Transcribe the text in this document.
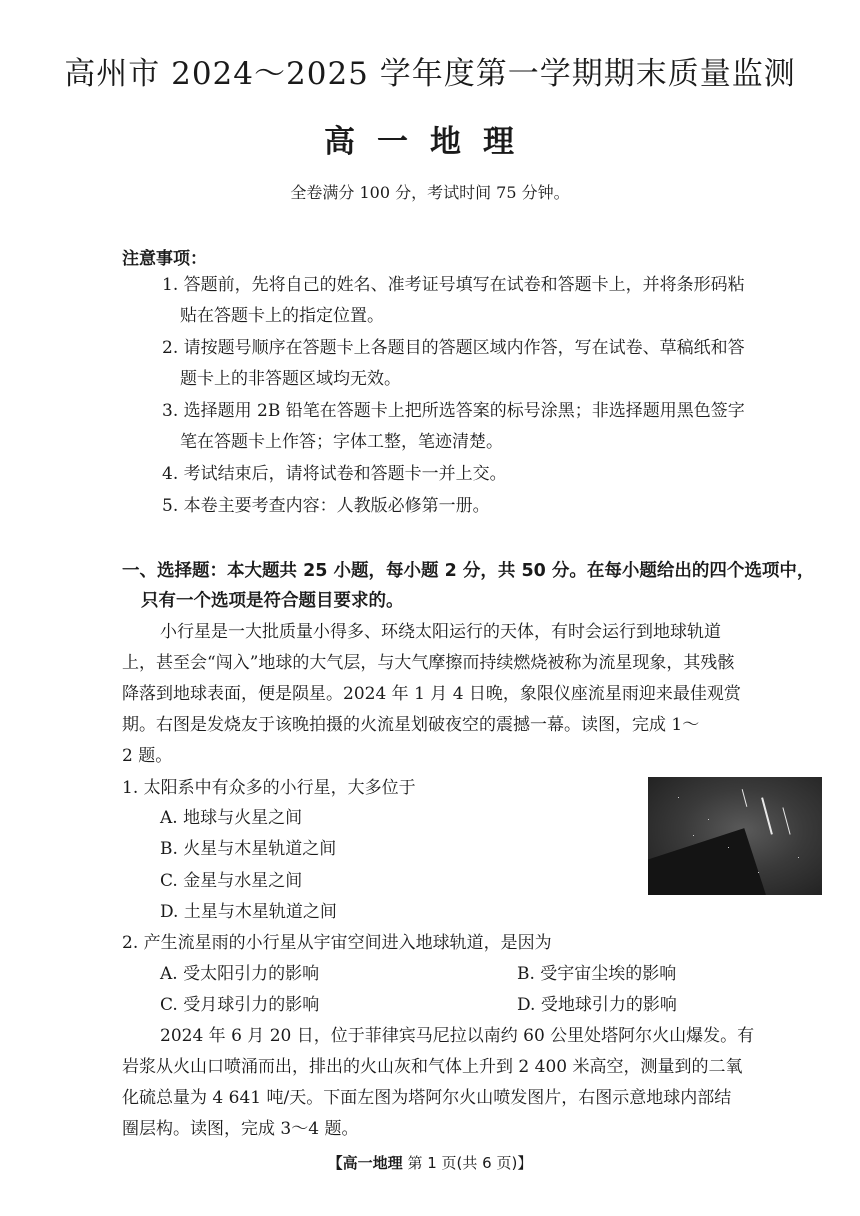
高州市 2024～2025 学年度第一学期期末质量监测
高一地理
全卷满分 100 分，考试时间 75 分钟。
注意事项：
1. 答题前，先将自己的姓名、准考证号填写在试卷和答题卡上，并将条形码粘
贴在答题卡上的指定位置。
2. 请按题号顺序在答题卡上各题目的答题区域内作答，写在试卷、草稿纸和答
题卡上的非答题区域均无效。
3. 选择题用 2B 铅笔在答题卡上把所选答案的标号涂黑；非选择题用黑色签字
笔在答题卡上作答；字体工整，笔迹清楚。
4. 考试结束后，请将试卷和答题卡一并上交。
5. 本卷主要考查内容：人教版必修第一册。
一、选择题：本大题共 25 小题，每小题 2 分，共 50 分。在每小题给出的四个选项中，
只有一个选项是符合题目要求的。
小行星是一大批质量小得多、环绕太阳运行的天体，有时会运行到地球轨道
上，甚至会“闯入”地球的大气层，与大气摩擦而持续燃烧被称为流星现象，其残骸
降落到地球表面，便是陨星。2024 年 1 月 4 日晚，象限仪座流星雨迎来最佳观赏
期。右图是发烧友于该晚拍摄的火流星划破夜空的震撼一幕。读图，完成 1～
2 题。
1. 太阳系中有众多的小行星，大多位于
A. 地球与火星之间
B. 火星与木星轨道之间
C. 金星与水星之间
D. 土星与木星轨道之间
2. 产生流星雨的小行星从宇宙空间进入地球轨道，是因为
A. 受太阳引力的影响	B. 受宇宙尘埃的影响
C. 受月球引力的影响	D. 受地球引力的影响
2024 年 6 月 20 日，位于菲律宾马尼拉以南约 60 公里处塔阿尔火山爆发。有
岩浆从火山口喷涌而出，排出的火山灰和气体上升到 2 400 米高空，测量到的二氧
化硫总量为 4 641 吨/天。下面左图为塔阿尔火山喷发图片，右图示意地球内部结
圈层构。读图，完成 3～4 题。
【高一地理 第 1 页(共 6 页)】
